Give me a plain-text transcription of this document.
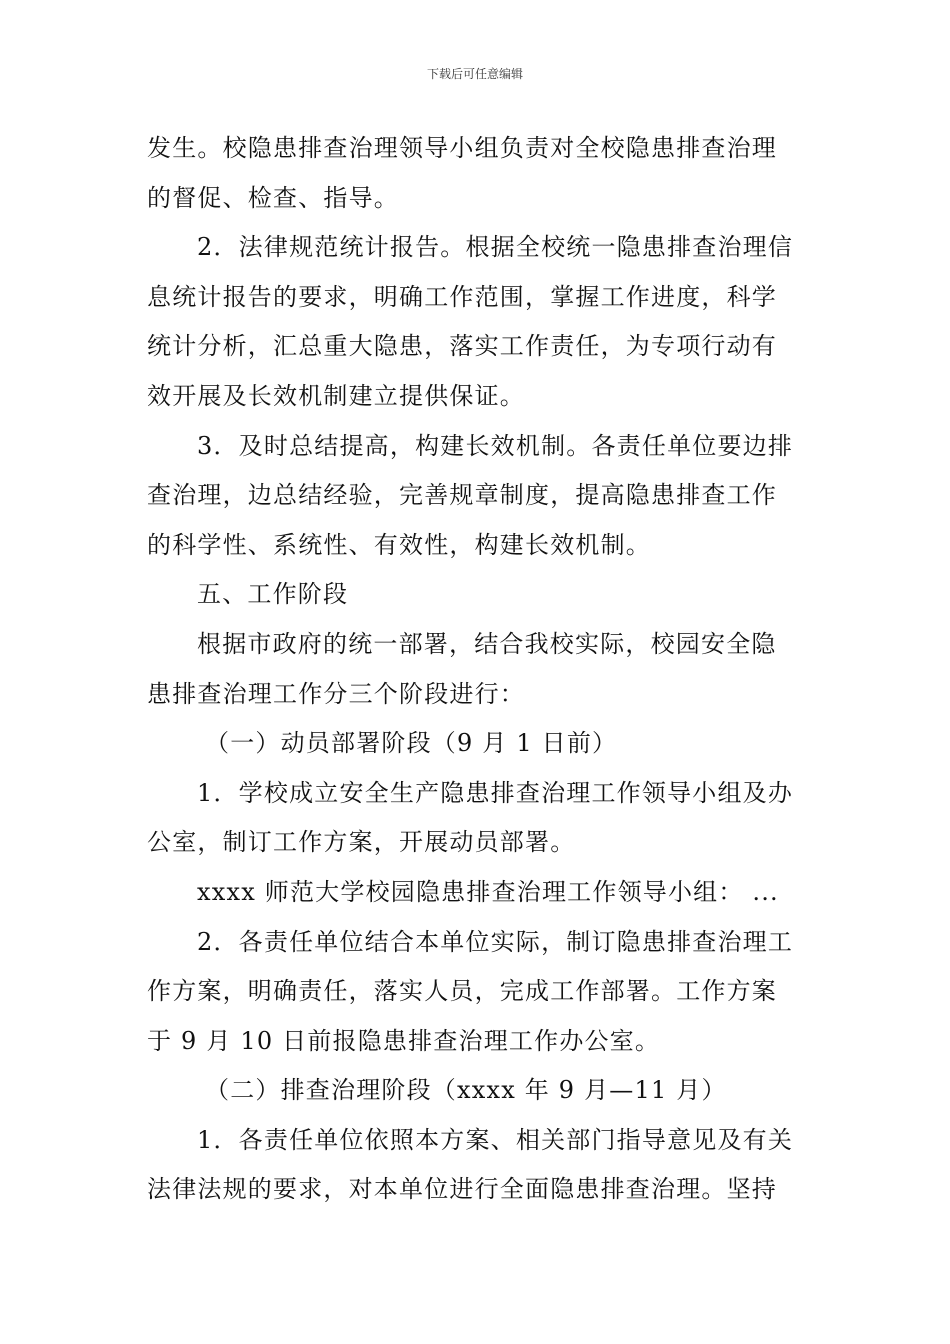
下载后可任意编辑
发生。校隐患排查治理领导小组负责对全校隐患排查治理
的督促、检查、指导。
2．法律规范统计报告。根据全校统一隐患排查治理信
息统计报告的要求，明确工作范围，掌握工作进度，科学
统计分析，汇总重大隐患，落实工作责任，为专项行动有
效开展及长效机制建立提供保证。
3．及时总结提高，构建长效机制。各责任单位要边排
查治理，边总结经验，完善规章制度，提高隐患排查工作
的科学性、系统性、有效性，构建长效机制。
五、工作阶段
根据市政府的统一部署，结合我校实际，校园安全隐
患排查治理工作分三个阶段进行：
（一）动员部署阶段（9 月 1 日前）
1．学校成立安全生产隐患排查治理工作领导小组及办
公室，制订工作方案，开展动员部署。
xxxx 师范大学校园隐患排查治理工作领导小组： ...
2．各责任单位结合本单位实际，制订隐患排查治理工
作方案，明确责任，落实人员，完成工作部署。工作方案
于 9 月 10 日前报隐患排查治理工作办公室。
（二）排查治理阶段（xxxx 年 9 月—11 月）
1．各责任单位依照本方案、相关部门指导意见及有关
法律法规的要求，对本单位进行全面隐患排查治理。坚持
